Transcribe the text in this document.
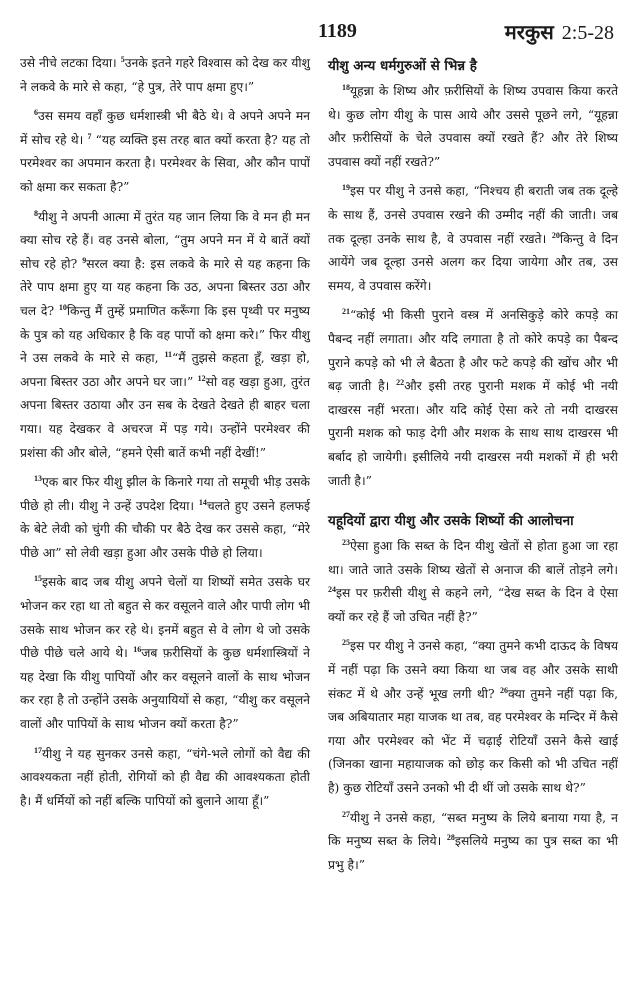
1189	मरकुस 2:5-28

उसे नीचे लटका दिया। $^5$उनके इतने गहरे विश्वास को देख कर यीशु ने लकवे के मारे से कहा, “हे पुत्र, तेरे पाप क्षमा हुए।”

$^6$उस समय वहाँ कुछ धर्मशास्त्री भी बैठे थे। वे अपने अपने मन में सोच रहे थे। $^7$ “यह व्यक्ति इस तरह बात क्यों करता है? यह तो परमेश्वर का अपमान करता है। परमेश्वर के सिवा, और कौन पापों को क्षमा कर सकता है?”

$^8$यीशु ने अपनी आत्मा में तुरंत यह जान लिया कि वे मन ही मन क्या सोच रहे हैं। वह उनसे बोला, “तुम अपने मन में ये बातें क्यों सोच रहे हो? $^9$सरल क्या है: इस लकवे के मारे से यह कहना कि तेरे पाप क्षमा हुए या यह कहना कि उठ, अपना बिस्तर उठा और चल दे? $^{10}$किन्तु मैं तुम्हें प्रमाणित करूँगा कि इस पृथ्वी पर मनुष्य के पुत्र को यह अधिकार है कि वह पापों को क्षमा करे।” फिर यीशु ने उस लकवे के मारे से कहा, $^{11}$“मैं तुझसे कहता हूँ, खड़ा हो, अपना बिस्तर उठा और अपने घर जा।” $^{12}$सो वह खड़ा हुआ, तुरंत अपना बिस्तर उठाया और उन सब के देखते देखते ही बाहर चला गया। यह देखकर वे अचरज में पड़ गये। उन्होंने परमेश्वर की प्रशंसा की और बोले, “हमने ऐसी बातें कभी नहीं देखीं!”

$^{13}$एक बार फिर यीशु झील के किनारे गया तो समूची भीड़ उसके पीछे हो ली। यीशु ने उन्हें उपदेश दिया। $^{14}$चलते हुए उसने हलफई के बेटे लेवी को चुंगी की चौकी पर बैठे देख कर उससे कहा, “मेरे पीछे आ” सो लेवी खड़ा हुआ और उसके पीछे हो लिया।

$^{15}$इसके बाद जब यीशु अपने चेलों या शिष्यों समेत उसके घर भोजन कर रहा था तो बहुत से कर वसूलने वाले और पापी लोग भी उसके साथ भोजन कर रहे थे। इनमें बहुत से वे लोग थे जो उसके पीछे पीछे चले आये थे। $^{16}$जब फ़रीसियों के कुछ धर्मशास्त्रियों ने यह देखा कि यीशु पापियों और कर वसूलने वालों के साथ भोजन कर रहा है तो उन्होंने उसके अनुयायियों से कहा, “यीशु कर वसूलने वालों और पापियों के साथ भोजन क्यों करता है?”

$^{17}$यीशु ने यह सुनकर उनसे कहा, “चंगे-भले लोगों को वैद्य की आवश्यकता नहीं होती, रोगियों को ही वैद्य की आवश्यकता होती है। मैं धर्मियों को नहीं बल्कि पापियों को बुलाने आया हूँ।”

यीशु अन्य धर्मगुरुओं से भिन्न है

$^{18}$यूहन्ना के शिष्य और फ़रीसियों के शिष्य उपवास किया करते थे। कुछ लोग यीशु के पास आये और उससे पूछने लगे, “यूहन्ना और फ़रीसियों के चेले उपवास क्यों रखते हैं? और तेरे शिष्य उपवास क्यों नहीं रखते?”

$^{19}$इस पर यीशु ने उनसे कहा, “निश्चय ही बराती जब तक दूल्हे के साथ हैं, उनसे उपवास रखने की उम्मीद नहीं की जाती। जब तक दूल्हा उनके साथ है, वे उपवास नहीं रखते। $^{20}$किन्तु वे दिन आयेंगे जब दूल्हा उनसे अलग कर दिया जायेगा और तब, उस समय, वे उपवास करेंगे।

$^{21}$“कोई भी किसी पुराने वस्त्र में अनसिकुड़े कोरे कपड़े का पैबन्द नहीं लगाता। और यदि लगाता है तो कोरे कपड़े का पैबन्द पुराने कपड़े को भी ले बैठता है और फटे कपड़े की खोंच और भी बढ़ जाती है। $^{22}$और इसी तरह पुरानी मशक में कोई भी नयी दाखरस नहीं भरता। और यदि कोई ऐसा करे तो नयी दाखरस पुरानी मशक को फाड़ देगी और मशक के साथ साथ दाखरस भी बर्बाद हो जायेगी। इसीलिये नयी दाखरस नयी मशकों में ही भरी जाती है।”

यहूदियों द्वारा यीशु और उसके शिष्यों की आलोचना

$^{23}$ऐसा हुआ कि सब्त के दिन यीशु खेतों से होता हुआ जा रहा था। जाते जाते उसके शिष्य खेतों से अनाज की बालें तोड़ने लगे। $^{24}$इस पर फ़रीसी यीशु से कहने लगे, “देख सब्त के दिन वे ऐसा क्यों कर रहे हैं जो उचित नहीं है?”

$^{25}$इस पर यीशु ने उनसे कहा, “क्या तुमने कभी दाऊद के विषय में नहीं पढ़ा कि उसने क्या किया था जब वह और उसके साथी संकट में थे और उन्हें भूख लगी थी? $^{26}$क्या तुमने नहीं पढ़ा कि, जब अबियातार महा याजक था तब, वह परमेश्वर के मन्दिर में कैसे गया और परमेश्वर को भेंट में चढ़ाई रोटियाँ उसने कैसे खाई (जिनका खाना महायाजक को छोड़ कर किसी को भी उचित नहीं है) कुछ रोटियाँ उसने उनको भी दी थीं जो उसके साथ थे?”

$^{27}$यीशु ने उनसे कहा, “सब्त मनुष्य के लिये बनाया गया है, न कि मनुष्य सब्त के लिये। $^{28}$इसलिये मनुष्य का पुत्र सब्त का भी प्रभु है।”
